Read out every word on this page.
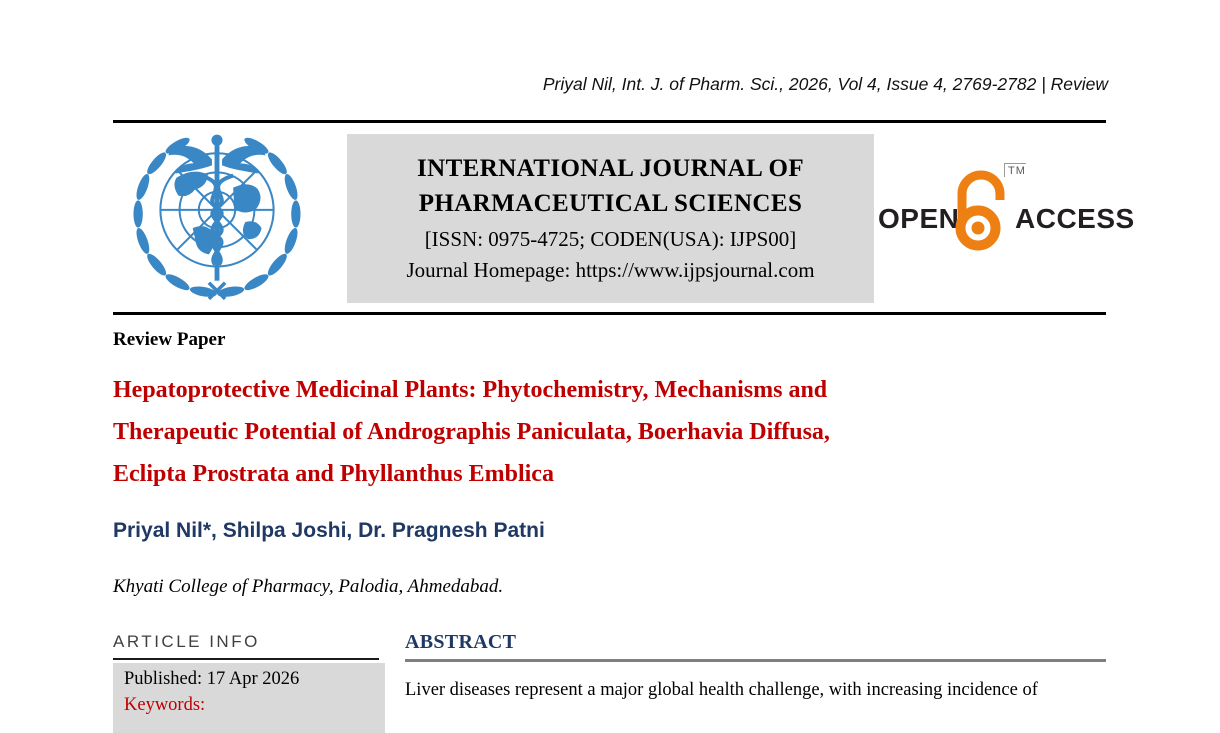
Priyal Nil, Int. J. of Pharm. Sci., 2026, Vol 4, Issue 4, 2769-2782 | Review
INTERNATIONAL JOURNAL OF
PHARMACEUTICAL SCIENCES
[ISSN: 0975-4725; CODEN(USA): IJPS00]
Journal Homepage: https://www.ijpsjournal.com
OPEN
TM
ACCESS
Review Paper
Hepatoprotective Medicinal Plants: Phytochemistry, Mechanisms and
Therapeutic Potential of Andrographis Paniculata, Boerhavia Diffusa,
Eclipta Prostrata and Phyllanthus Emblica
Priyal Nil*, Shilpa Joshi, Dr. Pragnesh Patni
Khyati College of Pharmacy, Palodia, Ahmedabad.
ARTICLE INFO
Published: 17 Apr 2026
Keywords:
ABSTRACT
Liver diseases represent a major global health challenge, with increasing incidence of
